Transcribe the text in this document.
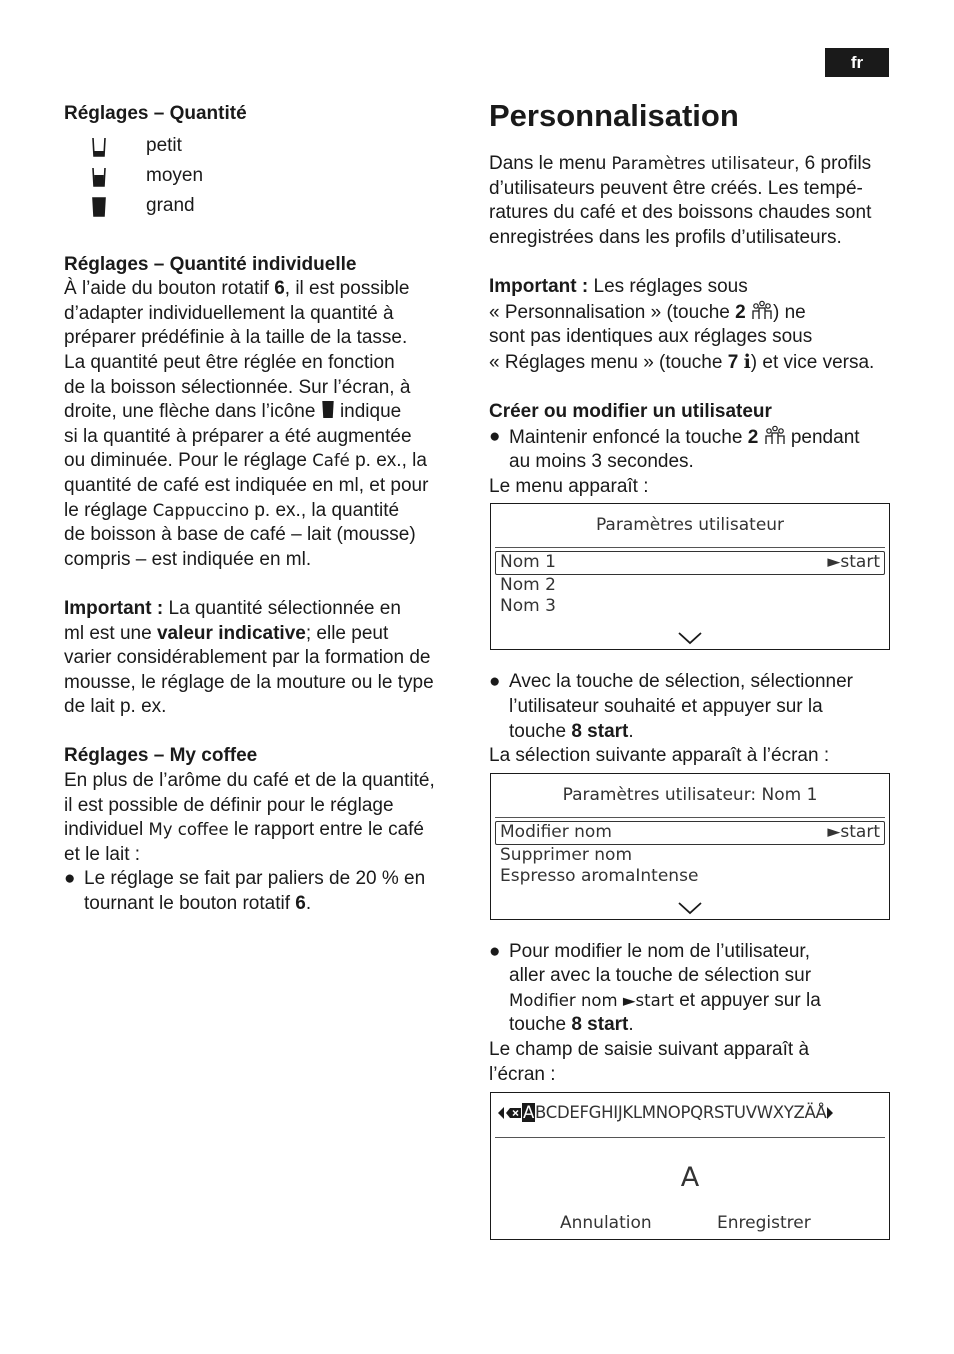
fr
Réglages – Quantité
petit
moyen
grand
Réglages – Quantité individuelle
À l’aide du bouton rotatif 6, il est possible
d’adapter individuellement la quantité à
préparer prédéfinie à la taille de la tasse.
La quantité peut être réglée en fonction
de la boisson sélectionnée. Sur l’écran, à
droite, une flèche dans l’icône indique
si la quantité à préparer a été augmentée
ou diminuée. Pour le réglage Café p. ex., la
quantité de café est indiquée en ml, et pour
le réglage Cappuccino p. ex., la quantité
de boisson à base de café – lait (mousse)
compris – est indiquée en ml.
Important : La quantité sélectionnée en
ml est une valeur indicative; elle peut
varier considérablement par la formation de
mousse, le réglage de la mouture ou le type
de lait p. ex.
Réglages – My coffee
En plus de l’arôme du café et de la quantité,
il est possible de définir pour le réglage
individuel My coffee le rapport entre le café
et le lait :
● Le réglage se fait par paliers de 20 % en
tournant le bouton rotatif 6.
Personnalisation
Dans le menu Paramètres utilisateur, 6 profils
d’utilisateurs peuvent être créés. Les tempé-
ratures du café et des boissons chaudes sont
enregistrées dans les profils d’utilisateurs.
Important : Les réglages sous
« Personnalisation » (touche 2 ) ne
sont pas identiques aux réglages sous
« Réglages menu » (touche 7 i) et vice versa.
Créer ou modifier un utilisateur
● Maintenir enfoncé la touche 2 pendant
au moins 3 secondes.
Le menu apparaît :
● Avec la touche de sélection, sélectionner
l’utilisateur souhaité et appuyer sur la
touche 8 start.
La sélection suivante apparaît à l’écran :
● Pour modifier le nom de l’utilisateur,
aller avec la touche de sélection sur
Modifier nom ►start et appuyer sur la
touche 8 start.
Le champ de saisie suivant apparaît à
l’écran :
Paramètres utilisateur
Nom 1	►start
Nom 2
Nom 3
Paramètres utilisateur: Nom 1
Modifier nom	►start
Supprimer nom
Espresso aromaIntense
ABCDEFGHIJKLMNOPQRSTUVWXYZÄÅ
A
Annulation	Enregistrer
